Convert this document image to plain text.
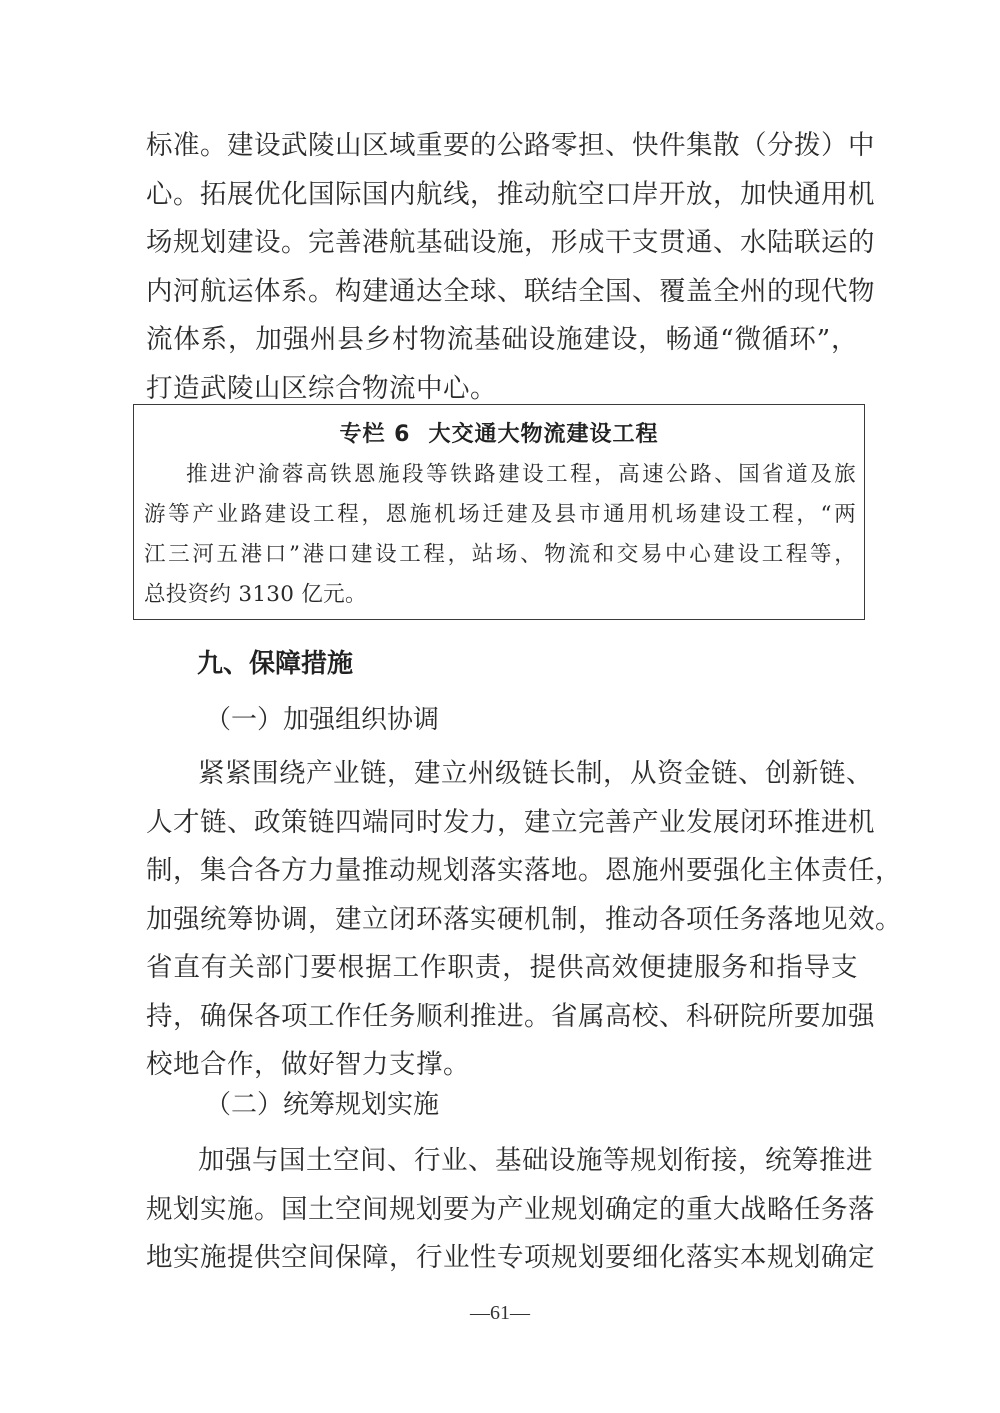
标准。建设武陵山区域重要的公路零担、快件集散（分拨）中
心。拓展优化国际国内航线，推动航空口岸开放，加快通用机
场规划建设。完善港航基础设施，形成干支贯通、水陆联运的
内河航运体系。构建通达全球、联结全国、覆盖全州的现代物
流体系，加强州县乡村物流基础设施建设，畅通“微循环”，
打造武陵山区综合物流中心。
专栏 6 大交通大物流建设工程
推进沪渝蓉高铁恩施段等铁路建设工程，高速公路、国省道及旅
游等产业路建设工程，恩施机场迁建及县市通用机场建设工程，“两
江三河五港口”港口建设工程，站场、物流和交易中心建设工程等，
总投资约 3130 亿元。
九、保障措施
（一）加强组织协调
紧紧围绕产业链，建立州级链长制，从资金链、创新链、
人才链、政策链四端同时发力，建立完善产业发展闭环推进机
制，集合各方力量推动规划落实落地。恩施州要强化主体责任，
加强统筹协调，建立闭环落实硬机制，推动各项任务落地见效。
省直有关部门要根据工作职责，提供高效便捷服务和指导支
持，确保各项工作任务顺利推进。省属高校、科研院所要加强
校地合作，做好智力支撑。
（二）统筹规划实施
加强与国土空间、行业、基础设施等规划衔接，统筹推进
规划实施。国土空间规划要为产业规划确定的重大战略任务落
地实施提供空间保障，行业性专项规划要细化落实本规划确定
—61—
